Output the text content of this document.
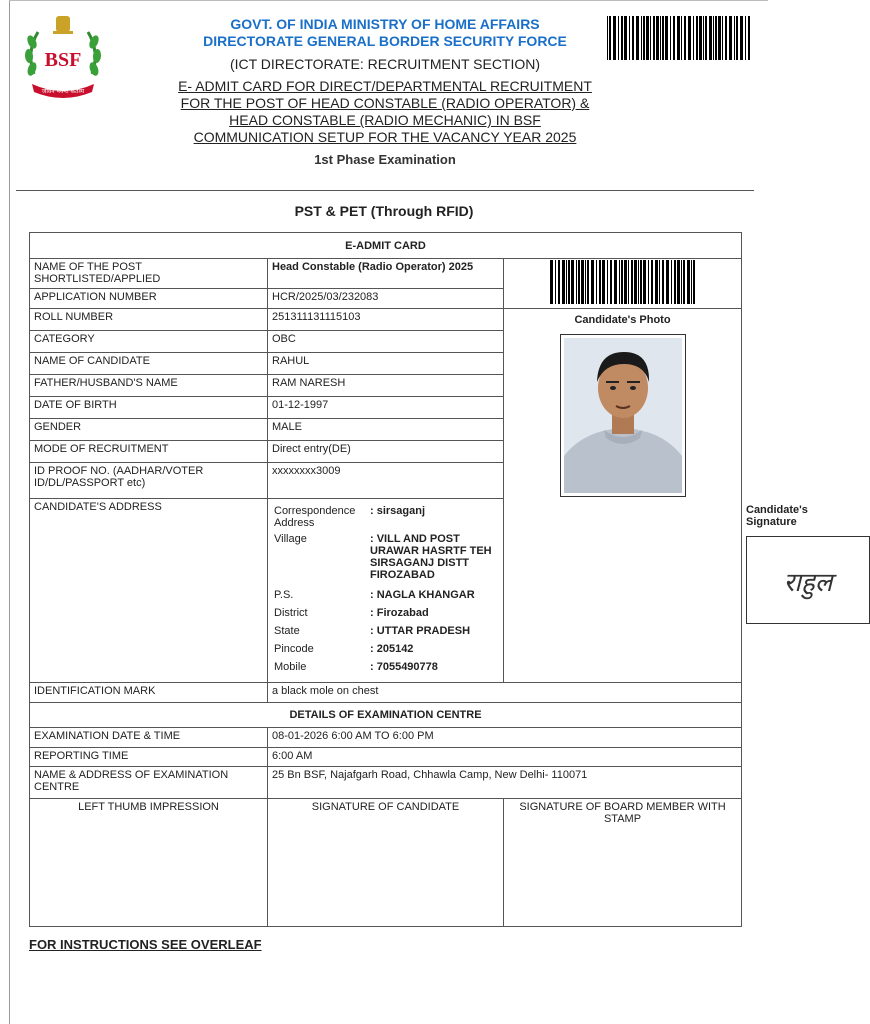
BSF
जीवन पर्यन्त कर्तव्य
GOVT. OF INDIA MINISTRY OF HOME AFFAIRS
DIRECTORATE GENERAL BORDER SECURITY FORCE
(ICT DIRECTORATE: RECRUITMENT SECTION)
E- ADMIT CARD FOR DIRECT/DEPARTMENTAL RECRUITMENT
FOR THE POST OF HEAD CONSTABLE (RADIO OPERATOR) &
HEAD CONSTABLE (RADIO MECHANIC) IN BSF
COMMUNICATION SETUP FOR THE VACANCY YEAR 2025
1st Phase Examination
PST & PET (Through RFID)
E-ADMIT CARD
NAME OF THE POST SHORTLISTED/APPLIED	Head Constable (Radio Operator) 2025	
APPLICATION NUMBER	HCR/2025/03/232083
ROLL NUMBER	251311131115103	Candidate's Photo

CATEGORY	OBC
NAME OF CANDIDATE	RAHUL
FATHER/HUSBAND'S NAME	RAM NARESH
DATE OF BIRTH	01-12-1997
GENDER	MALE
MODE OF RECRUITMENT	Direct entry(DE)
ID PROOF NO. (AADHAR/VOTER ID/DL/PASSPORT etc)	xxxxxxxx3009
CANDIDATE'S ADDRESS		Correspondence Address	: sirsaganj
Village	: VILL AND POST URAWAR HASRTF TEH SIRSAGANJ DISTT FIROZABAD
P.S.	: NAGLA KHANGAR
District	: Firozabad
State	: UTTAR PRADESH
Pincode	: 205142
Mobile	: 7055490778

Candidate's Signature
राहुल

IDENTIFICATION MARK	a black mole on chest
DETAILS OF EXAMINATION CENTRE
EXAMINATION DATE & TIME	08-01-2026 6:00 AM TO 6:00 PM
REPORTING TIME	6:00 AM
NAME & ADDRESS OF EXAMINATION CENTRE	25 Bn BSF, Najafgarh Road, Chhawla Camp, New Delhi- 110071
LEFT THUMB IMPRESSION	SIGNATURE OF CANDIDATE	SIGNATURE OF BOARD MEMBER WITH STAMP
FOR INSTRUCTIONS SEE OVERLEAF
